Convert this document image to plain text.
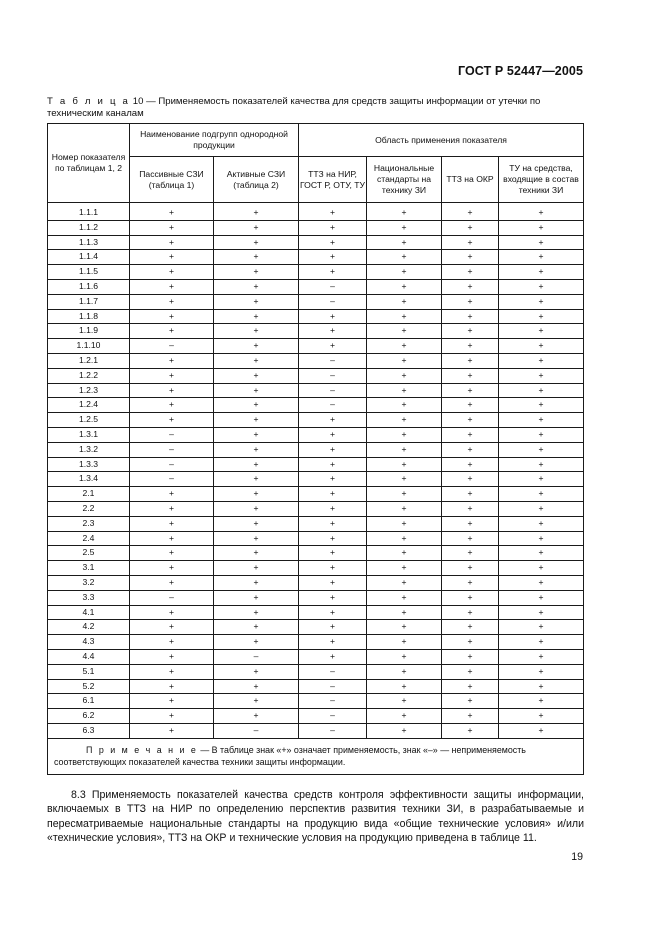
ГОСТ Р 52447—2005
Т а б л и ц а 10 — Применяемость показателей качества для средств защиты информации от утечки по техническим каналам
Номер показателя по таблицам 1, 2	Наименование подгрупп однородной продукции		Область применения показателя			
	Пассивные СЗИ (таблица 1)	Активные СЗИ (таблица 2)	ТТЗ на НИР, ГОСТ Р, ОТУ, ТУ	Национальные стандарты на технику ЗИ	ТТЗ на ОКР	ТУ на средства, входящие в состав техники ЗИ
1.1.1	+	+	+	+	+	+
1.1.2	+	+	+	+	+	+
1.1.3	+	+	+	+	+	+
1.1.4	+	+	+	+	+	+
1.1.5	+	+	+	+	+	+
1.1.6	+	+	–	+	+	+
1.1.7	+	+	–	+	+	+
1.1.8	+	+	+	+	+	+
1.1.9	+	+	+	+	+	+
1.1.10	–	+	+	+	+	+
1.2.1	+	+	–	+	+	+
1.2.2	+	+	–	+	+	+
1.2.3	+	+	–	+	+	+
1.2.4	+	+	–	+	+	+
1.2.5	+	+	+	+	+	+
1.3.1	–	+	+	+	+	+
1.3.2	–	+	+	+	+	+
1.3.3	–	+	+	+	+	+
1.3.4	–	+	+	+	+	+
2.1	+	+	+	+	+	+
2.2	+	+	+	+	+	+
2.3	+	+	+	+	+	+
2.4	+	+	+	+	+	+
2.5	+	+	+	+	+	+
3.1	+	+	+	+	+	+
3.2	+	+	+	+	+	+
3.3	–	+	+	+	+	+
4.1	+	+	+	+	+	+
4.2	+	+	+	+	+	+
4.3	+	+	+	+	+	+
4.4	+	–	+	+	+	+
5.1	+	+	–	+	+	+
5.2	+	+	–	+	+	+
6.1	+	+	–	+	+	+
6.2	+	+	–	+	+	+
6.3	+	–	–	+	+	+
П р и м е ч а н и е — В таблице знак «+» означает применяемость, знак «–» — неприменяемость соответствующих показателей качества техники защиты информации.						
8.3 Применяемость показателей качества средств контроля эффективности защиты информации, включаемых в ТТЗ на НИР по определению перспектив развития техники ЗИ, в разрабатываемые и пересматриваемые национальные стандарты на продукцию вида «общие технические условия» и/или «технические условия», ТТЗ на ОКР и технические условия на продукцию приведена в таблице 11.
19
